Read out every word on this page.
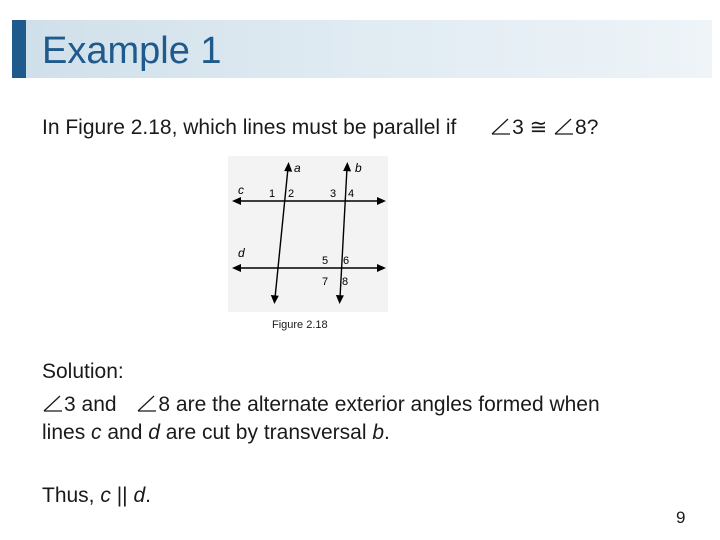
Example 1
In Figure 2.18, which lines must be parallel if	3 ≅ 8?
a	b
c
d
1 2	3 4
5 6
7 8
Figure 2.18
Solution:
3 and 8 are the alternate exterior angles formed when
lines c and d are cut by transversal b.
Thus, c || d.
9
